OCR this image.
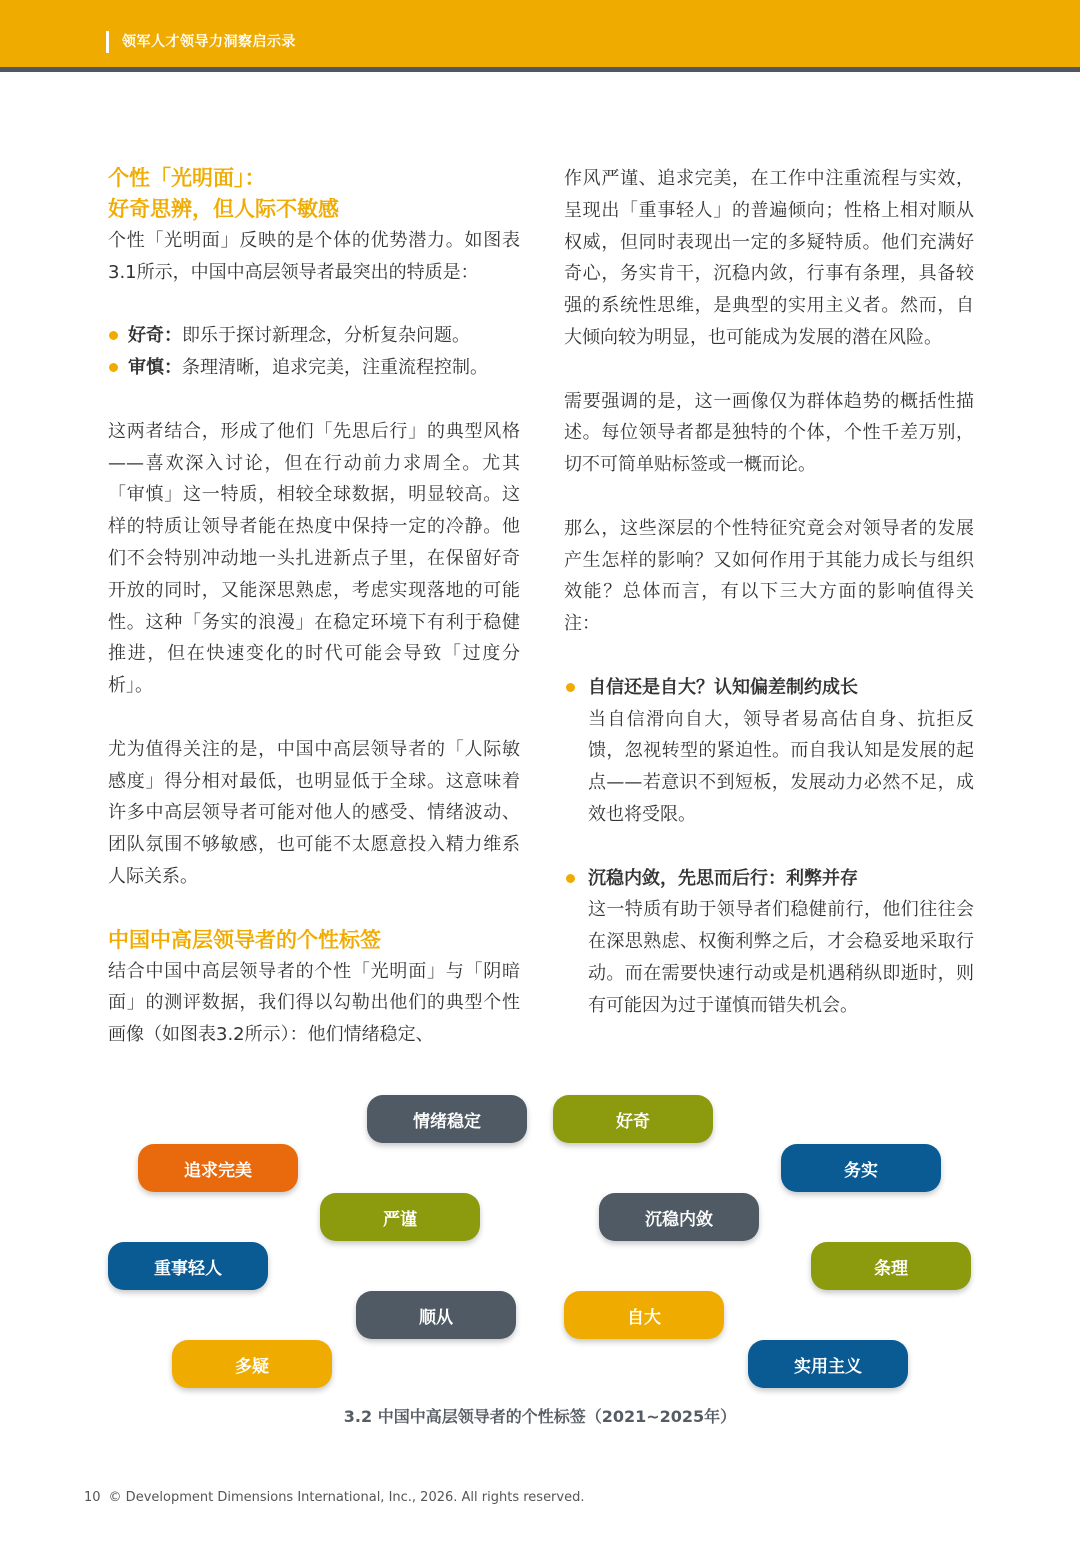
领军人才领导力洞察启示录
个性「光明面」：
好奇思辨，但人际不敏感

个性「光明面」反映的是个体的优势潜力。如图表3.1所示，中国中高层领导者最突出的特质是：

好奇：即乐于探讨新理念，分析复杂问题。
审慎：条理清晰，追求完美，注重流程控制。

这两者结合，形成了他们「先思后行」的典型风格——喜欢深入讨论，但在行动前力求周全。尤其「审慎」这一特质，相较全球数据，明显较高。这样的特质让领导者能在热度中保持一定的冷静。他们不会特别冲动地一头扎进新点子里，在保留好奇开放的同时，又能深思熟虑，考虑实现落地的可能性。这种「务实的浪漫」在稳定环境下有利于稳健推进，但在快速变化的时代可能会导致「过度分析」。

尤为值得关注的是，中国中高层领导者的「人际敏感度」得分相对最低，也明显低于全球。这意味着许多中高层领导者可能对他人的感受、情绪波动、团队氛围不够敏感，也可能不太愿意投入精力维系人际关系。

中国中高层领导者的个性标签

结合中国中高层领导者的个性「光明面」与「阴暗面」的测评数据，我们得以勾勒出他们的典型个性画像（如图表3.2所示）：他们情绪稳定、

作风严谨、追求完美，在工作中注重流程与实效，呈现出「重事轻人」的普遍倾向；性格上相对顺从权威，但同时表现出一定的多疑特质。他们充满好奇心，务实肯干，沉稳内敛，行事有条理，具备较强的系统性思维，是典型的实用主义者。然而，自大倾向较为明显，也可能成为发展的潜在风险。

需要强调的是，这一画像仅为群体趋势的概括性描述。每位领导者都是独特的个体，个性千差万别，切不可简单贴标签或一概而论。

那么，这些深层的个性特征究竟会对领导者的发展产生怎样的影响？又如何作用于其能力成长与组织效能？总体而言，有以下三大方面的影响值得关注：

自信还是自大？认知偏差制约成长

当自信滑向自大，领导者易高估自身、抗拒反馈，忽视转型的紧迫性。而自我认知是发展的起点——若意识不到短板，发展动力必然不足，成效也将受限。

沉稳内敛，先思而后行：利弊并存

这一特质有助于领导者们稳健前行，他们往往会在深思熟虑、权衡利弊之后，才会稳妥地采取行动。而在需要快速行动或是机遇稍纵即逝时，则有可能因为过于谨慎而错失机会。

情绪稳定	好奇
追求完美	务实
严谨	沉稳内敛
重事轻人	条理
顺从	自大
多疑	实用主义
3.2 中国中高层领导者的个性标签（2021~2025年）
10 © Development Dimensions International, Inc., 2026. All rights reserved.
